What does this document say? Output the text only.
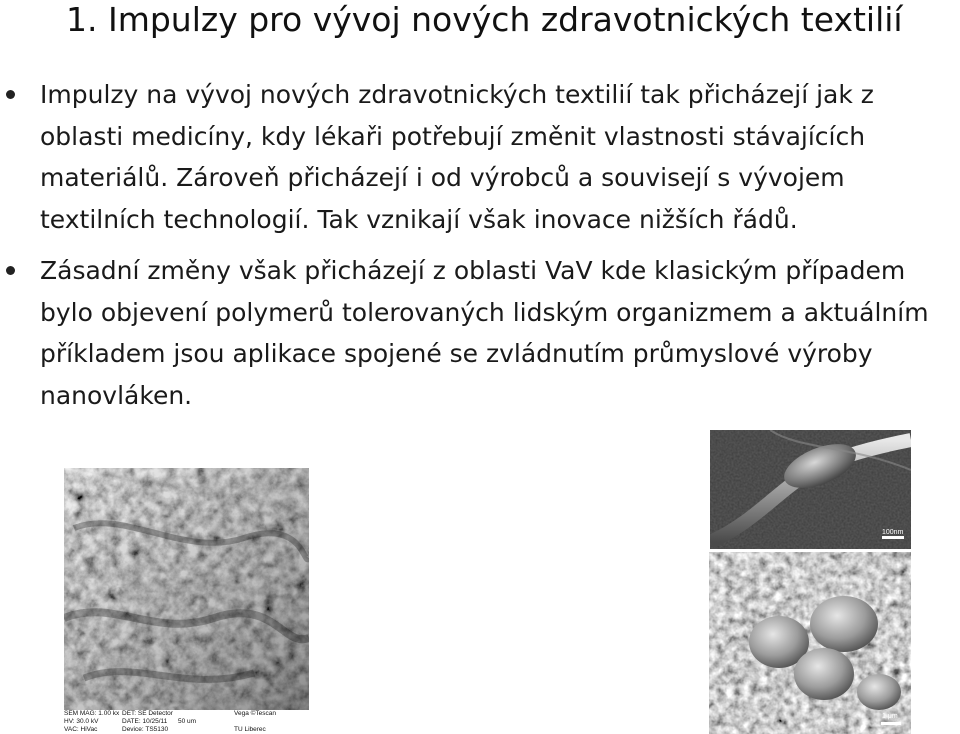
1. Impulzy pro vývoj nových zdravotnických textilií
Impulzy na vývoj nových zdravotnických textilií tak přicházejí jak z oblasti medicíny, kdy lékaři potřebují změnit vlastnosti stávajících materiálů. Zároveň přicházejí i od výrobců a souvisejí s vývojem textilních technologií. Tak vznikají však inovace nižších řádů.
Zásadní změny však přicházejí z oblasti VaV kde klasickým případem bylo objevení polymerů tolerovaných lidským organizmem a aktuálním příkladem jsou aplikace spojené se zvládnutím průmyslové výroby nanovláken.
SEM MAG: 1.00 kx DET: SE Detector	Vega ©Tescan
HV: 30.0 kV	DATE: 10/25/11	50 um
VAC: HiVac	Device: TS5130	TU Liberec
100nm
1 μm
